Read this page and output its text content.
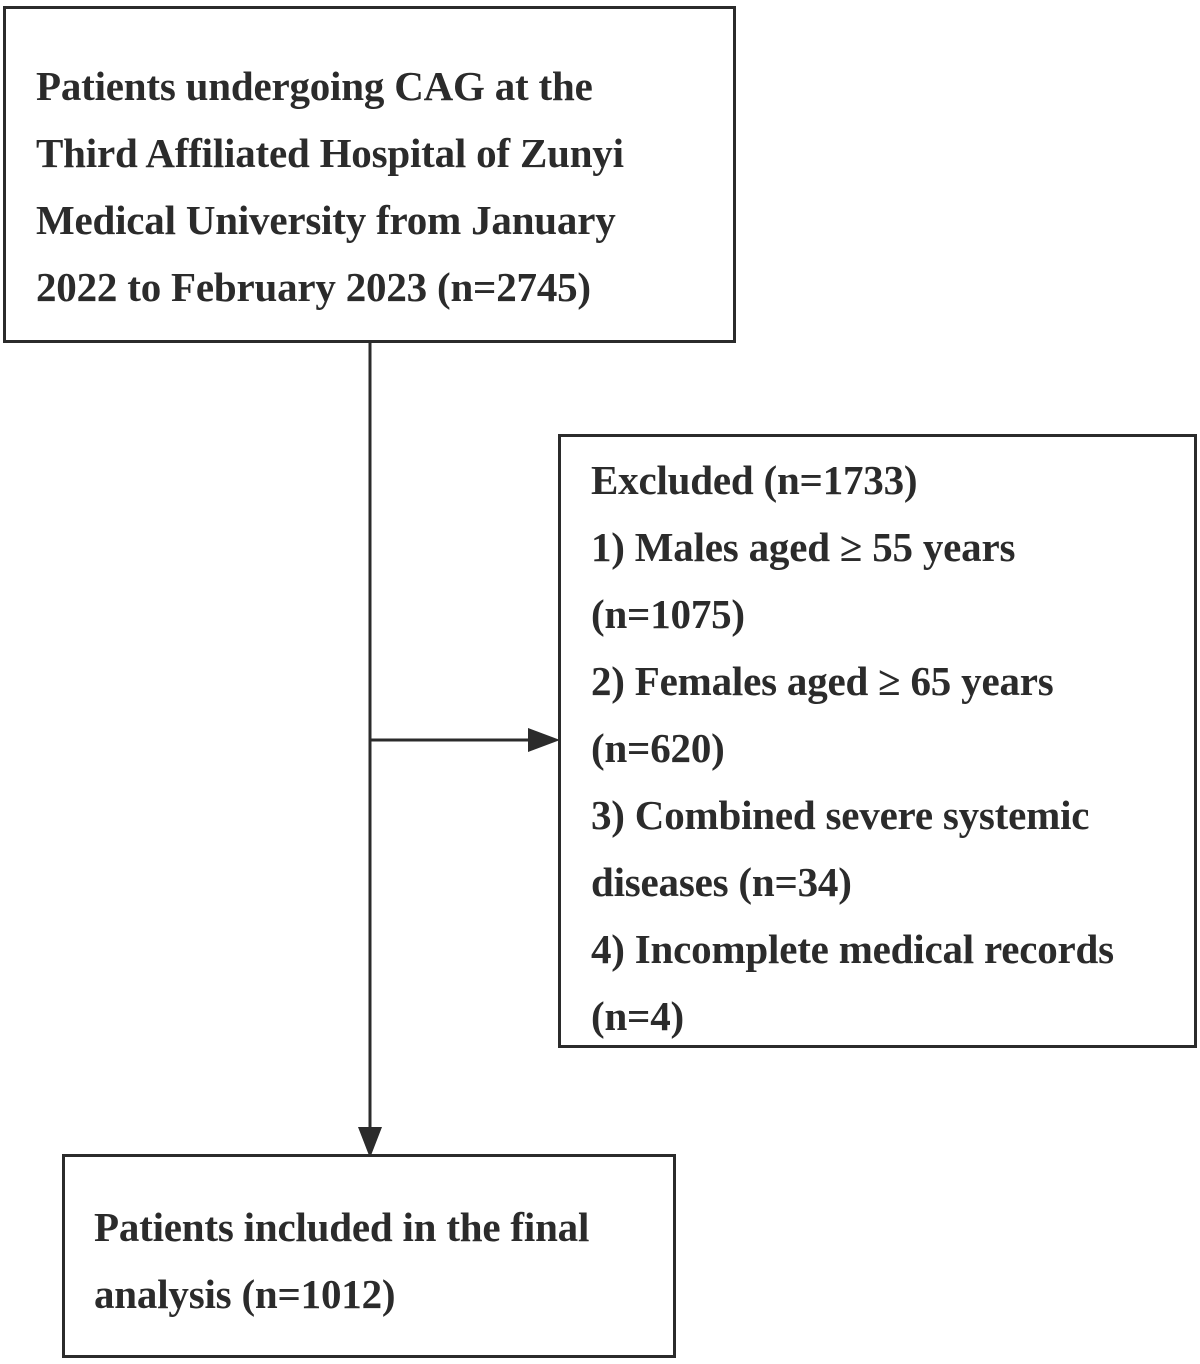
Patients undergoing CAG at the
Third Affiliated Hospital of Zunyi
Medical University from January
2022 to February 2023 (n=2745)
Excluded (n=1733)
1) Males aged ≥ 55 years
(n=1075)
2) Females aged ≥ 65 years
(n=620)
3) Combined severe systemic
diseases (n=34)
4) Incomplete medical records
(n=4)
Patients included in the final
analysis (n=1012)
